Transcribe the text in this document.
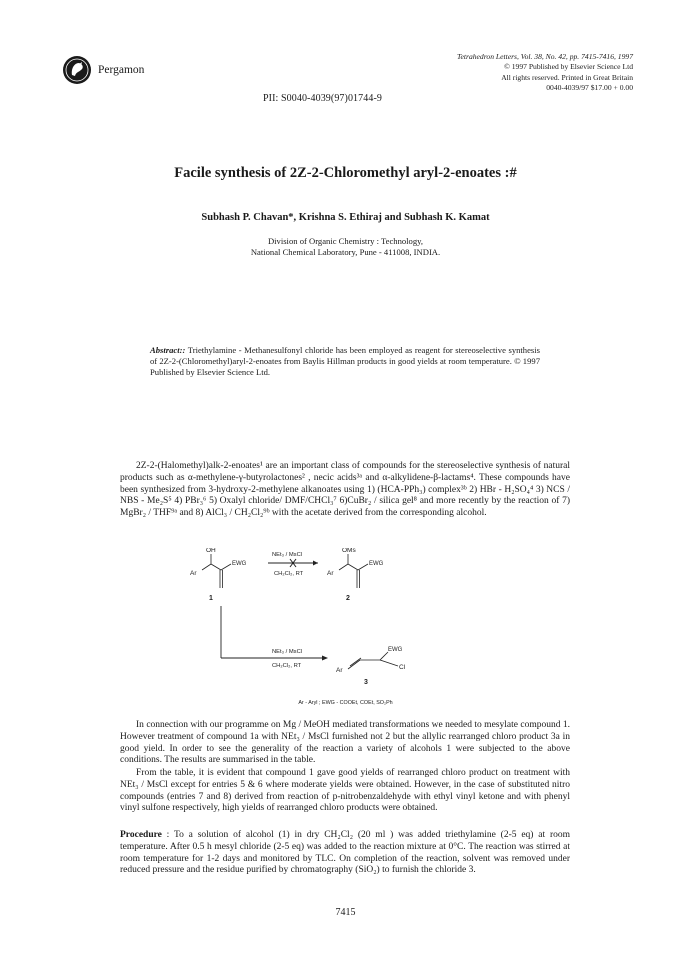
Pergamon
Tetrahedron Letters, Vol. 38, No. 42, pp. 7415-7416, 1997
© 1997 Published by Elsevier Science Ltd
All rights reserved. Printed in Great Britain
0040-4039/97 $17.00 + 0.00
PII: S0040-4039(97)01744-9
Facile synthesis of 2Z-2-Chloromethyl aryl-2-enoates :#
Subhash P. Chavan*, Krishna S. Ethiraj and Subhash K. Kamat
Division of Organic Chemistry : Technology,
National Chemical Laboratory, Pune - 411008, INDIA.
Abstract:: Triethylamine - Methanesulfonyl chloride has been employed as reagent for stereoselective synthesis of 2Z-2-(Chloromethyl)aryl-2-enoates from Baylis Hillman products in good yields at room temperature. © 1997 Published by Elsevier Science Ltd.

2Z-2-(Halomethyl)alk-2-enoates¹ are an important class of compounds for the stereoselective synthesis of natural products such as α-methylene-γ-butyrolactones² , necic acids³ᵃ and α-alkylidene-β-lactams⁴. These compounds have been synthesized from 3-hydroxy-2-methylene alkanoates using 1) (HCA-PPh₃) complex³ᵇ 2) HBr - H₂SO₄⁴ 3) NCS / NBS - Me₂S⁵ 4) PBr₃⁶ 5) Oxalyl chloride/ DMF/CHCl₃⁷ 6)CuBr₂ / silica gel⁸ and more recently by the reaction of 7) MgBr₂ / THF⁹ᵃ and 8) AlCl₃ / CH₂Cl₂⁹ᵇ with the acetate derived from the corresponding alcohol.

OH
Ar
EWG
1
NEt₃ / MsCl
CH₂Cl₂, RT
OMs
Ar
EWG
2
NEt₃ / MsCl
CH₂Cl₂, RT
Ar
EWG
Cl
3
Ar - Aryl ; EWG - COOEt, COEt, SO₂Ph

In connection with our programme on Mg / MeOH mediated transformations we needed to mesylate compound 1. However treatment of compound 1a with NEt₃ / MsCl furnished not 2 but the allylic rearranged chloro product 3a in good yield. In order to see the generality of the reaction a variety of alcohols 1 were subjected to the above conditions. The results are summarised in the table.

From the table, it is evident that compound 1 gave good yields of rearranged chloro product on treatment with NEt₃ / MsCl except for entries 5 & 6 where moderate yields were obtained. However, in the case of substituted nitro compounds (entries 7 and 8) derived from reaction of p-nitrobenzaldehyde with ethyl vinyl ketone and with phenyl vinyl sulfone respectively, high yields of rearranged chloro products were obtained.

Procedure : To a solution of alcohol (1) in dry CH₂Cl₂ (20 ml ) was added triethylamine (2-5 eq) at room temperature. After 0.5 h mesyl chloride (2-5 eq) was added to the reaction mixture at 0°C. The reaction was stirred at room temperature for 1-2 days and monitored by TLC. On completion of the reaction, solvent was removed under reduced pressure and the residue purified by chromatography (SiO₂) to furnish the chloride 3.

7415
